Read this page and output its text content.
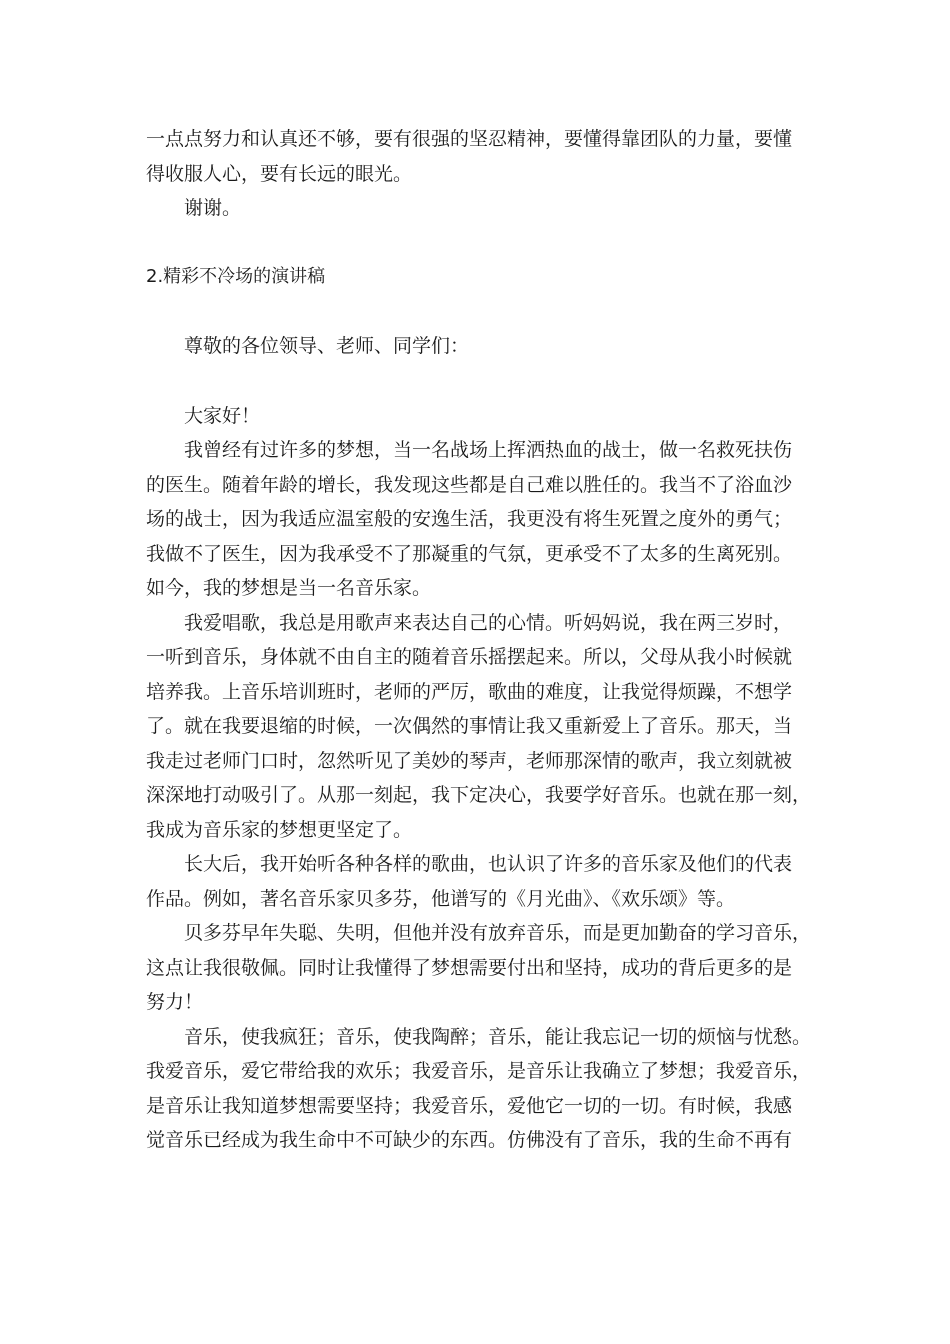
一点点努力和认真还不够，要有很强的坚忍精神，要懂得靠团队的力量，要懂
得收服人心，要有长远的眼光。

谢谢。

2.精彩不冷场的演讲稿

尊敬的各位领导、老师、同学们：

大家好！

我曾经有过许多的梦想，当一名战场上挥洒热血的战士，做一名救死扶伤
的医生。随着年龄的增长，我发现这些都是自己难以胜任的。我当不了浴血沙
场的战士，因为我适应温室般的安逸生活，我更没有将生死置之度外的勇气；
我做不了医生，因为我承受不了那凝重的气氛，更承受不了太多的生离死别。
如今，我的梦想是当一名音乐家。

我爱唱歌，我总是用歌声来表达自己的心情。听妈妈说，我在两三岁时，
一听到音乐，身体就不由自主的随着音乐摇摆起来。所以，父母从我小时候就
培养我。上音乐培训班时，老师的严厉，歌曲的难度，让我觉得烦躁，不想学
了。就在我要退缩的时候，一次偶然的事情让我又重新爱上了音乐。那天，当
我走过老师门口时，忽然听见了美妙的琴声，老师那深情的歌声，我立刻就被
深深地打动吸引了。从那一刻起，我下定决心，我要学好音乐。也就在那一刻，
我成为音乐家的梦想更坚定了。

长大后，我开始听各种各样的歌曲，也认识了许多的音乐家及他们的代表
作品。例如，著名音乐家贝多芬，他谱写的《月光曲》、《欢乐颂》等。

贝多芬早年失聪、失明，但他并没有放弃音乐，而是更加勤奋的学习音乐，
这点让我很敬佩。同时让我懂得了梦想需要付出和坚持，成功的背后更多的是
努力！

音乐，使我疯狂；音乐，使我陶醉；音乐，能让我忘记一切的烦恼与忧愁。
我爱音乐，爱它带给我的欢乐；我爱音乐，是音乐让我确立了梦想；我爱音乐，
是音乐让我知道梦想需要坚持；我爱音乐，爱他它一切的一切。有时候，我感
觉音乐已经成为我生命中不可缺少的东西。仿佛没有了音乐，我的生命不再有
